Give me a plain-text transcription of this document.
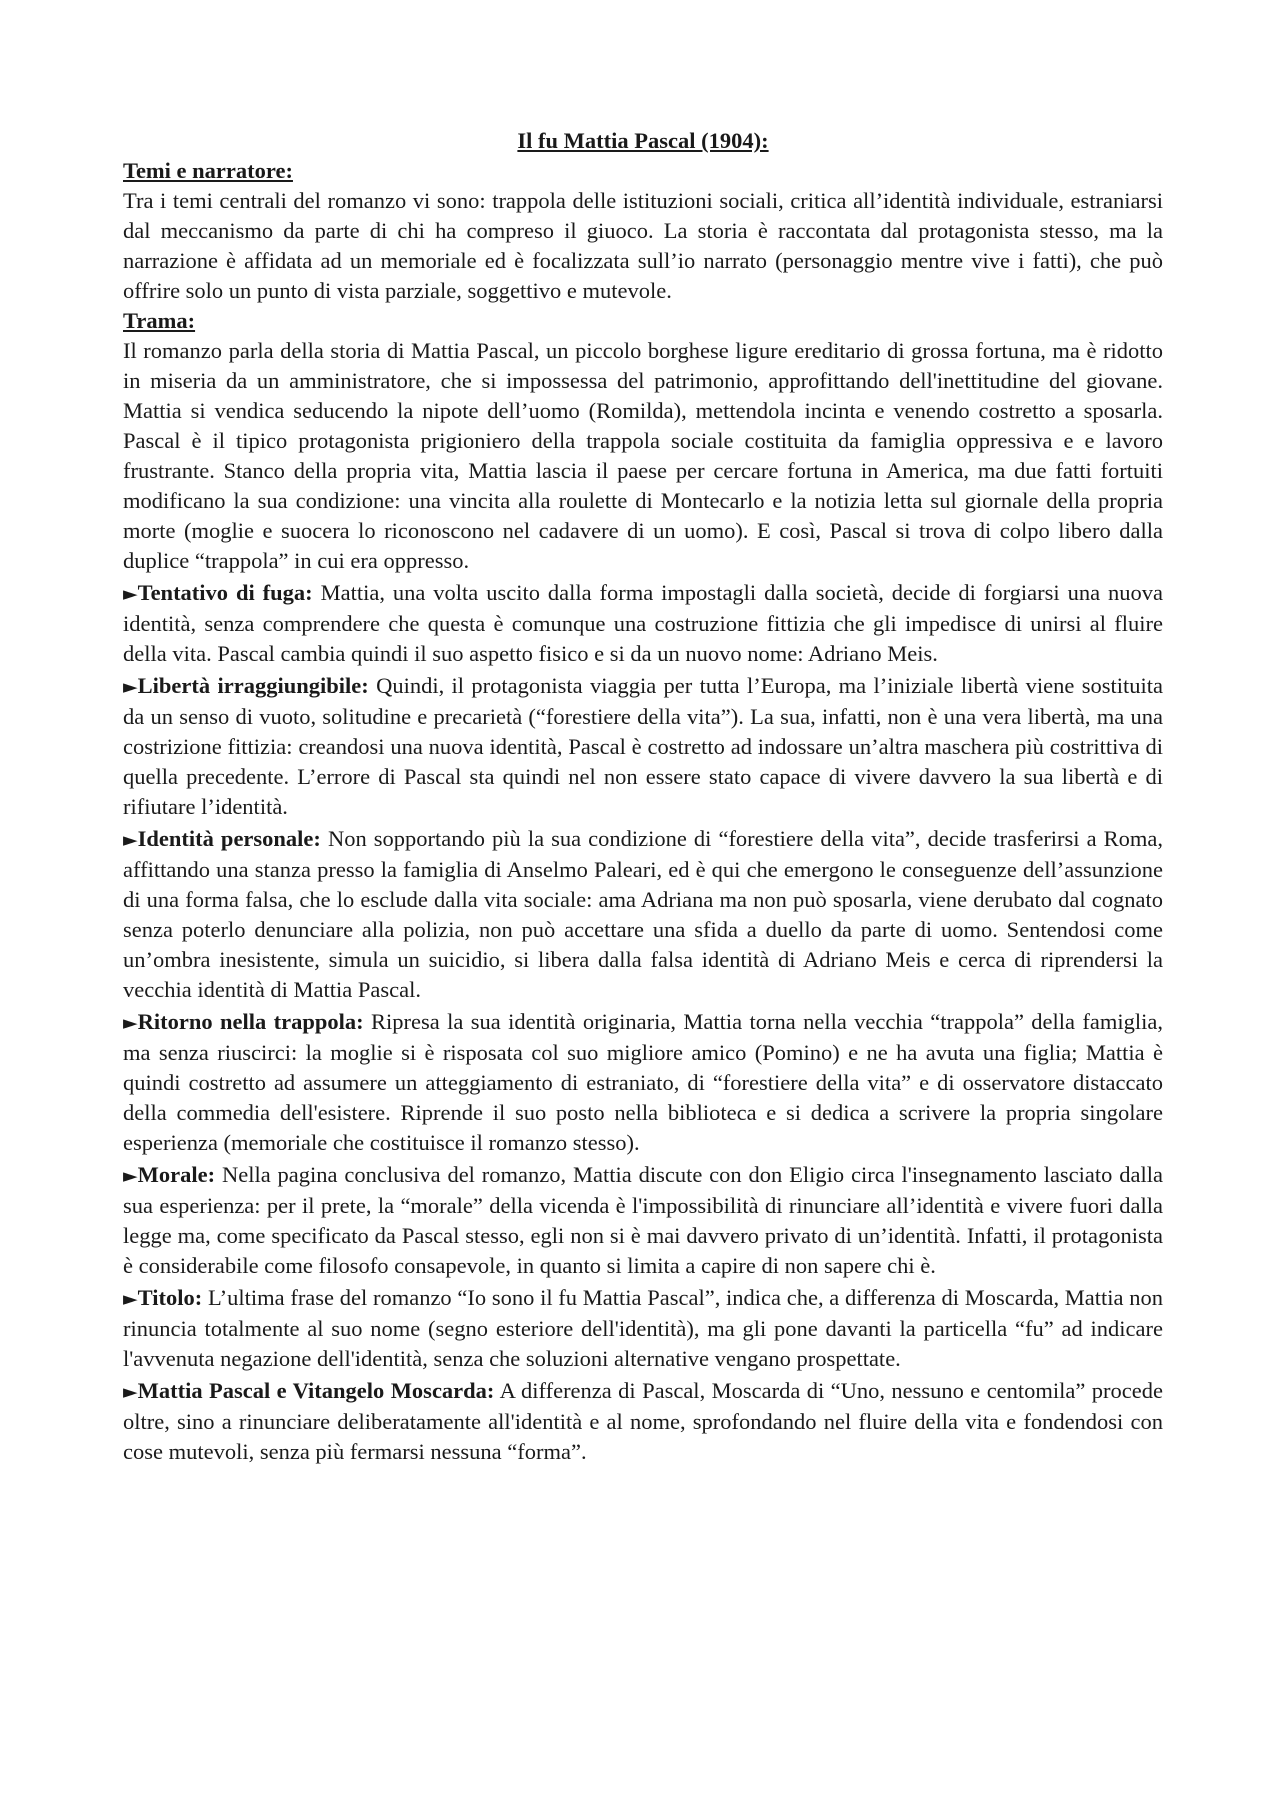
Il fu Mattia Pascal (1904):

Temi e narratore:

Tra i temi centrali del romanzo vi sono: trappola delle istituzioni sociali, critica all’identità individuale, estraniarsi dal meccanismo da parte di chi ha compreso il giuoco. La storia è raccontata dal protagonista stesso, ma la narrazione è affidata ad un memoriale ed è focalizzata sull’io narrato (personaggio mentre vive i fatti), che può offrire solo un punto di vista parziale, soggettivo e mutevole.

Trama:

Il romanzo parla della storia di Mattia Pascal, un piccolo borghese ligure ereditario di grossa fortuna, ma è ridotto in miseria da un amministratore, che si impossessa del patrimonio, approfittando dell'inettitudine del giovane. Mattia si vendica seducendo la nipote dell’uomo (Romilda), mettendola incinta e venendo costretto a sposarla. Pascal è il tipico protagonista prigioniero della trappola sociale costituita da famiglia oppressiva e e lavoro frustrante. Stanco della propria vita, Mattia lascia il paese per cercare fortuna in America, ma due fatti fortuiti modificano la sua condizione: una vincita alla roulette di Montecarlo e la notizia letta sul giornale della propria morte (moglie e suocera lo riconoscono nel cadavere di un uomo). E così, Pascal si trova di colpo libero dalla duplice “trappola” in cui era oppresso.

►Tentativo di fuga: Mattia, una volta uscito dalla forma impostagli dalla società, decide di forgiarsi una nuova identità, senza comprendere che questa è comunque una costruzione fittizia che gli impedisce di unirsi al fluire della vita. Pascal cambia quindi il suo aspetto fisico e si da un nuovo nome: Adriano Meis.

►Libertà irraggiungibile: Quindi, il protagonista viaggia per tutta l’Europa, ma l’iniziale libertà viene sostituita da un senso di vuoto, solitudine e precarietà (“forestiere della vita”). La sua, infatti, non è una vera libertà, ma una costrizione fittizia: creandosi una nuova identità, Pascal è costretto ad indossare un’altra maschera più costrittiva di quella precedente. L’errore di Pascal sta quindi nel non essere stato capace di vivere davvero la sua libertà e di rifiutare l’identità.

►Identità personale: Non sopportando più la sua condizione di “forestiere della vita”, decide trasferirsi a Roma, affittando una stanza presso la famiglia di Anselmo Paleari, ed è qui che emergono le conseguenze dell’assunzione di una forma falsa, che lo esclude dalla vita sociale: ama Adriana ma non può sposarla, viene derubato dal cognato senza poterlo denunciare alla polizia, non può accettare una sfida a duello da parte di uomo. Sentendosi come un’ombra inesistente, simula un suicidio, si libera dalla falsa identità di Adriano Meis e cerca di riprendersi la vecchia identità di Mattia Pascal.

►Ritorno nella trappola: Ripresa la sua identità originaria, Mattia torna nella vecchia “trappola” della famiglia, ma senza riuscirci: la moglie si è risposata col suo migliore amico (Pomino) e ne ha avuta una figlia; Mattia è quindi costretto ad assumere un atteggiamento di estraniato, di “forestiere della vita” e di osservatore distaccato della commedia dell'esistere. Riprende il suo posto nella biblioteca e si dedica a scrivere la propria singolare esperienza (memoriale che costituisce il romanzo stesso).

►Morale: Nella pagina conclusiva del romanzo, Mattia discute con don Eligio circa l'insegnamento lasciato dalla sua esperienza: per il prete, la “morale” della vicenda è l'impossibilità di rinunciare all’identità e vivere fuori dalla legge ma, come specificato da Pascal stesso, egli non si è mai davvero privato di un’identità. Infatti, il protagonista è considerabile come filosofo consapevole, in quanto si limita a capire di non sapere chi è.

►Titolo: L’ultima frase del romanzo “Io sono il fu Mattia Pascal”, indica che, a differenza di Moscarda, Mattia non rinuncia totalmente al suo nome (segno esteriore dell'identità), ma gli pone davanti la particella “fu” ad indicare l'avvenuta negazione dell'identità, senza che soluzioni alternative vengano prospettate.

►Mattia Pascal e Vitangelo Moscarda: A differenza di Pascal, Moscarda di “Uno, nessuno e centomila” procede oltre, sino a rinunciare deliberatamente all'identità e al nome, sprofondando nel fluire della vita e fondendosi con cose mutevoli, senza più fermarsi nessuna “forma”.
